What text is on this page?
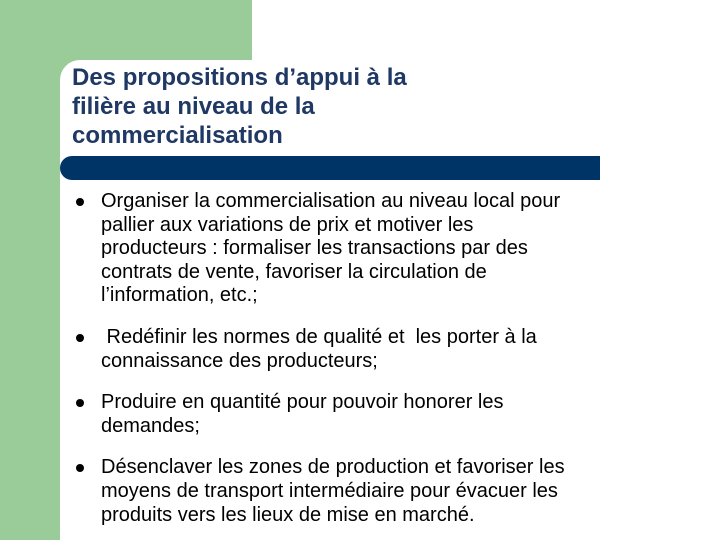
Des propositions d’appui à la
filière au niveau de la
commercialisation
Organiser la commercialisation au niveau local pour
pallier aux variations de prix et motiver les
producteurs : formaliser les transactions par des
contrats de vente, favoriser la circulation de
l’information, etc.;
Redéfinir les normes de qualité et  les porter à la
connaissance des producteurs;
Produire en quantité pour pouvoir honorer les
demandes;
Désenclaver les zones de production et favoriser les
moyens de transport intermédiaire pour évacuer les
produits vers les lieux de mise en marché.
